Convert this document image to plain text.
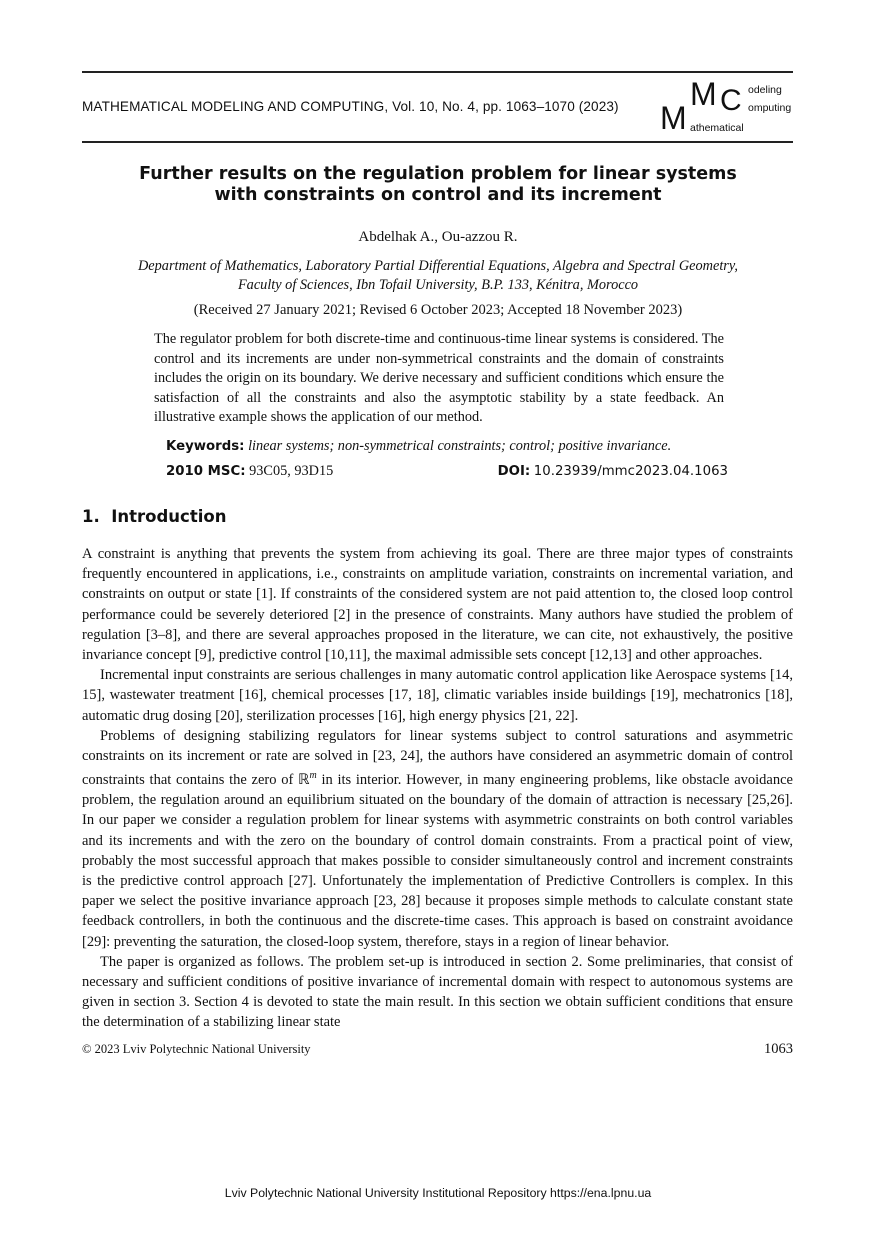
MATHEMATICAL MODELING AND COMPUTING, Vol. 10, No. 4, pp. 1063–1070 (2023) M
M C odeling
omputing
athematical
Further results on the regulation problem for linear systems
with constraints on control and its increment
Abdelhak A., Ou-azzou R.
Department of Mathematics, Laboratory Partial Differential Equations, Algebra and Spectral Geometry,
Faculty of Sciences, Ibn Tofail University, B.P. 133, Kénitra, Morocco
(Received 27 January 2021; Revised 6 October 2023; Accepted 18 November 2023)
The regulator problem for both discrete-time and continuous-time linear systems is considered. The control and its increments are under non-symmetrical constraints and the domain of constraints includes the origin on its boundary. We derive necessary and sufficient conditions which ensure the satisfaction of all the constraints and also the asymptotic stability by a state feedback. An illustrative example shows the application of our method.
Keywords: linear systems; non-symmetrical constraints; control; positive invariance.
2010 MSC: 93C05, 93D15	DOI: 10.23939/mmc2023.04.1063
1. Introduction

A constraint is anything that prevents the system from achieving its goal. There are three major types of constraints frequently encountered in applications, i.e., constraints on amplitude variation, constraints on incremental variation, and constraints on output or state [1]. If constraints of the considered system are not paid attention to, the closed loop control performance could be severely deteriored [2] in the presence of constraints. Many authors have studied the problem of regulation [3–8], and there are several approaches proposed in the literature, we can cite, not exhaustively, the positive invariance concept [9], predictive control [10,11], the maximal admissible sets concept [12,13] and other approaches.

Incremental input constraints are serious challenges in many automatic control application like Aerospace systems [14, 15], wastewater treatment [16], chemical processes [17, 18], climatic variables inside buildings [19], mechatronics [18], automatic drug dosing [20], sterilization processes [16], high energy physics [21, 22].

Problems of designing stabilizing regulators for linear systems subject to control saturations and asymmetric constraints on its increment or rate are solved in [23, 24], the authors have considered an asymmetric domain of control constraints that contains the zero of ℝ$^m$ in its interior. However, in many engineering problems, like obstacle avoidance problem, the regulation around an equilibrium situated on the boundary of the domain of attraction is necessary [25,26]. In our paper we consider a regulation problem for linear systems with asymmetric constraints on both control variables and its increments and with the zero on the boundary of control domain constraints. From a practical point of view, probably the most successful approach that makes possible to consider simultaneously control and increment constraints is the predictive control approach [27]. Unfortunately the implementation of Predictive Controllers is complex. In this paper we select the positive invariance approach [23, 28] because it proposes simple methods to calculate constant state feedback controllers, in both the continuous and the discrete-time cases. This approach is based on constraint avoidance [29]: preventing the saturation, the closed-loop system, therefore, stays in a region of linear behavior.

The paper is organized as follows. The problem set-up is introduced in section 2. Some preliminaries, that consist of necessary and sufficient conditions of positive invariance of incremental domain with respect to autonomous systems are given in section 3. Section 4 is devoted to state the main result. In this section we obtain sufficient conditions that ensure the determination of a stabilizing linear state

© 2023 Lviv Polytechnic National University	1063
Lviv Polytechnic National University Institutional Repository https://ena.lpnu.ua
